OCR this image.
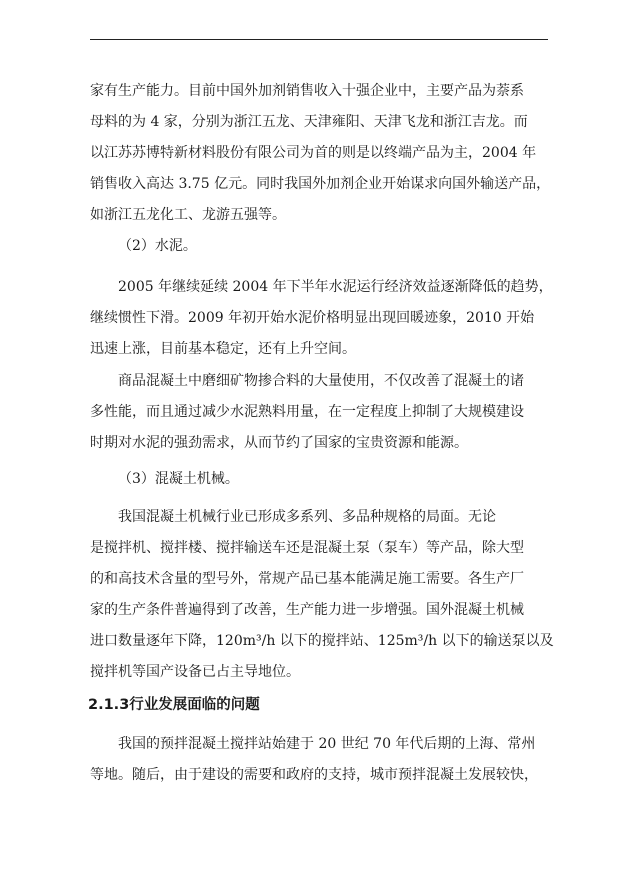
家有生产能力。目前中国外加剂销售收入十强企业中，主要产品为萘系
母料的为 4 家，分别为浙江五龙、天津雍阳、天津飞龙和浙江吉龙。而
以江苏苏博特新材料股份有限公司为首的则是以终端产品为主，2004 年
销售收入高达 3.75 亿元。同时我国外加剂企业开始谋求向国外输送产品，
如浙江五龙化工、龙游五强等。
（2）水泥。
2005 年继续延续 2004 年下半年水泥运行经济效益逐渐降低的趋势，
继续惯性下滑。2009 年初开始水泥价格明显出现回暖迹象，2010 开始
迅速上涨，目前基本稳定，还有上升空间。
商品混凝土中磨细矿物掺合料的大量使用，不仅改善了混凝土的诸
多性能，而且通过减少水泥熟料用量，在一定程度上抑制了大规模建设
时期对水泥的强劲需求，从而节约了国家的宝贵资源和能源。
（3）混凝土机械。
我国混凝土机械行业已形成多系列、多品种规格的局面。无论
是搅拌机、搅拌楼、搅拌输送车还是混凝土泵（泵车）等产品，除大型
的和高技术含量的型号外，常规产品已基本能满足施工需要。各生产厂
家的生产条件普遍得到了改善，生产能力进一步增强。国外混凝土机械
进口数量逐年下降，120m³/h 以下的搅拌站、125m³/h 以下的输送泵以及
搅拌机等国产设备已占主导地位。
2.1.3行业发展面临的问题
我国的预拌混凝土搅拌站始建于 20 世纪 70 年代后期的上海、常州
等地。随后，由于建设的需要和政府的支持，城市预拌混凝土发展较快，
